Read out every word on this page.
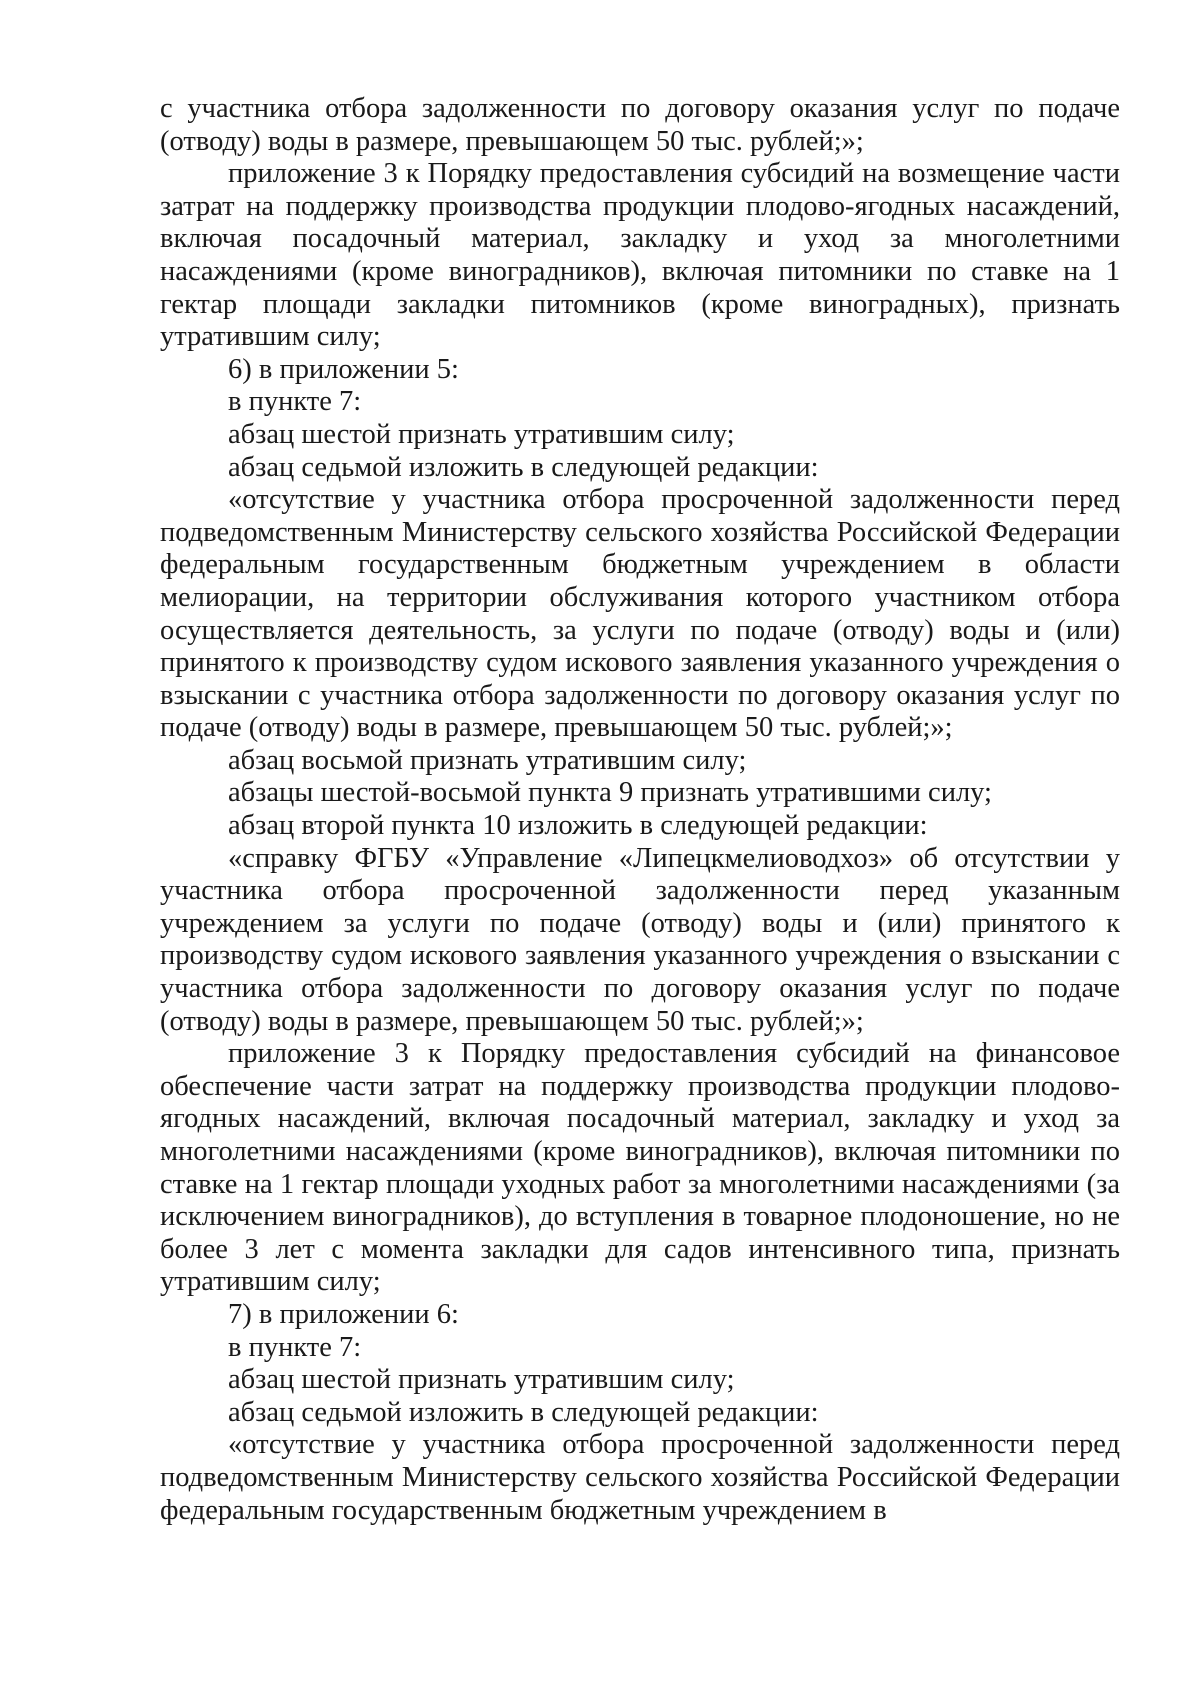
с участника отбора задолженности по договору оказания услуг по подаче (отводу) воды в размере, превышающем 50 тыс. рублей;»;

приложение 3 к Порядку предоставления субсидий на возмещение части затрат на поддержку производства продукции плодово-ягодных насаждений, включая посадочный материал, закладку и уход за многолетними насаждениями (кроме виноградников), включая питомники по ставке на 1 гектар площади закладки питомников (кроме виноградных), признать утратившим силу;

6) в приложении 5:

в пункте 7:

абзац шестой признать утратившим силу;

абзац седьмой изложить в следующей редакции:

«отсутствие у участника отбора просроченной задолженности перед подведомственным Министерству сельского хозяйства Российской Федерации федеральным государственным бюджетным учреждением в области мелиорации, на территории обслуживания которого участником отбора осуществляется деятельность, за услуги по подаче (отводу) воды и (или) принятого к производству судом искового заявления указанного учреждения о взыскании с участника отбора задолженности по договору оказания услуг по подаче (отводу) воды в размере, превышающем 50 тыс. рублей;»;

абзац восьмой признать утратившим силу;

абзацы шестой-восьмой пункта 9 признать утратившими силу;

абзац второй пункта 10 изложить в следующей редакции:

«справку ФГБУ «Управление «Липецкмелиоводхоз» об отсутствии у участника отбора просроченной задолженности перед указанным учреждением за услуги по подаче (отводу) воды и (или) принятого к производству судом искового заявления указанного учреждения о взыскании с участника отбора задолженности по договору оказания услуг по подаче (отводу) воды в размере, превышающем 50 тыс. рублей;»;

приложение 3 к Порядку предоставления субсидий на финансовое обеспечение части затрат на поддержку производства продукции плодово-ягодных насаждений, включая посадочный материал, закладку и уход за многолетними насаждениями (кроме виноградников), включая питомники по ставке на 1 гектар площади уходных работ за многолетними насаждениями (за исключением виноградников), до вступления в товарное плодоношение, но не более 3 лет с момента закладки для садов интенсивного типа, признать утратившим силу;

7) в приложении 6:

в пункте 7:

абзац шестой признать утратившим силу;

абзац седьмой изложить в следующей редакции:

«отсутствие у участника отбора просроченной задолженности перед подведомственным Министерству сельского хозяйства Российской Федерации федеральным государственным бюджетным учреждением в
